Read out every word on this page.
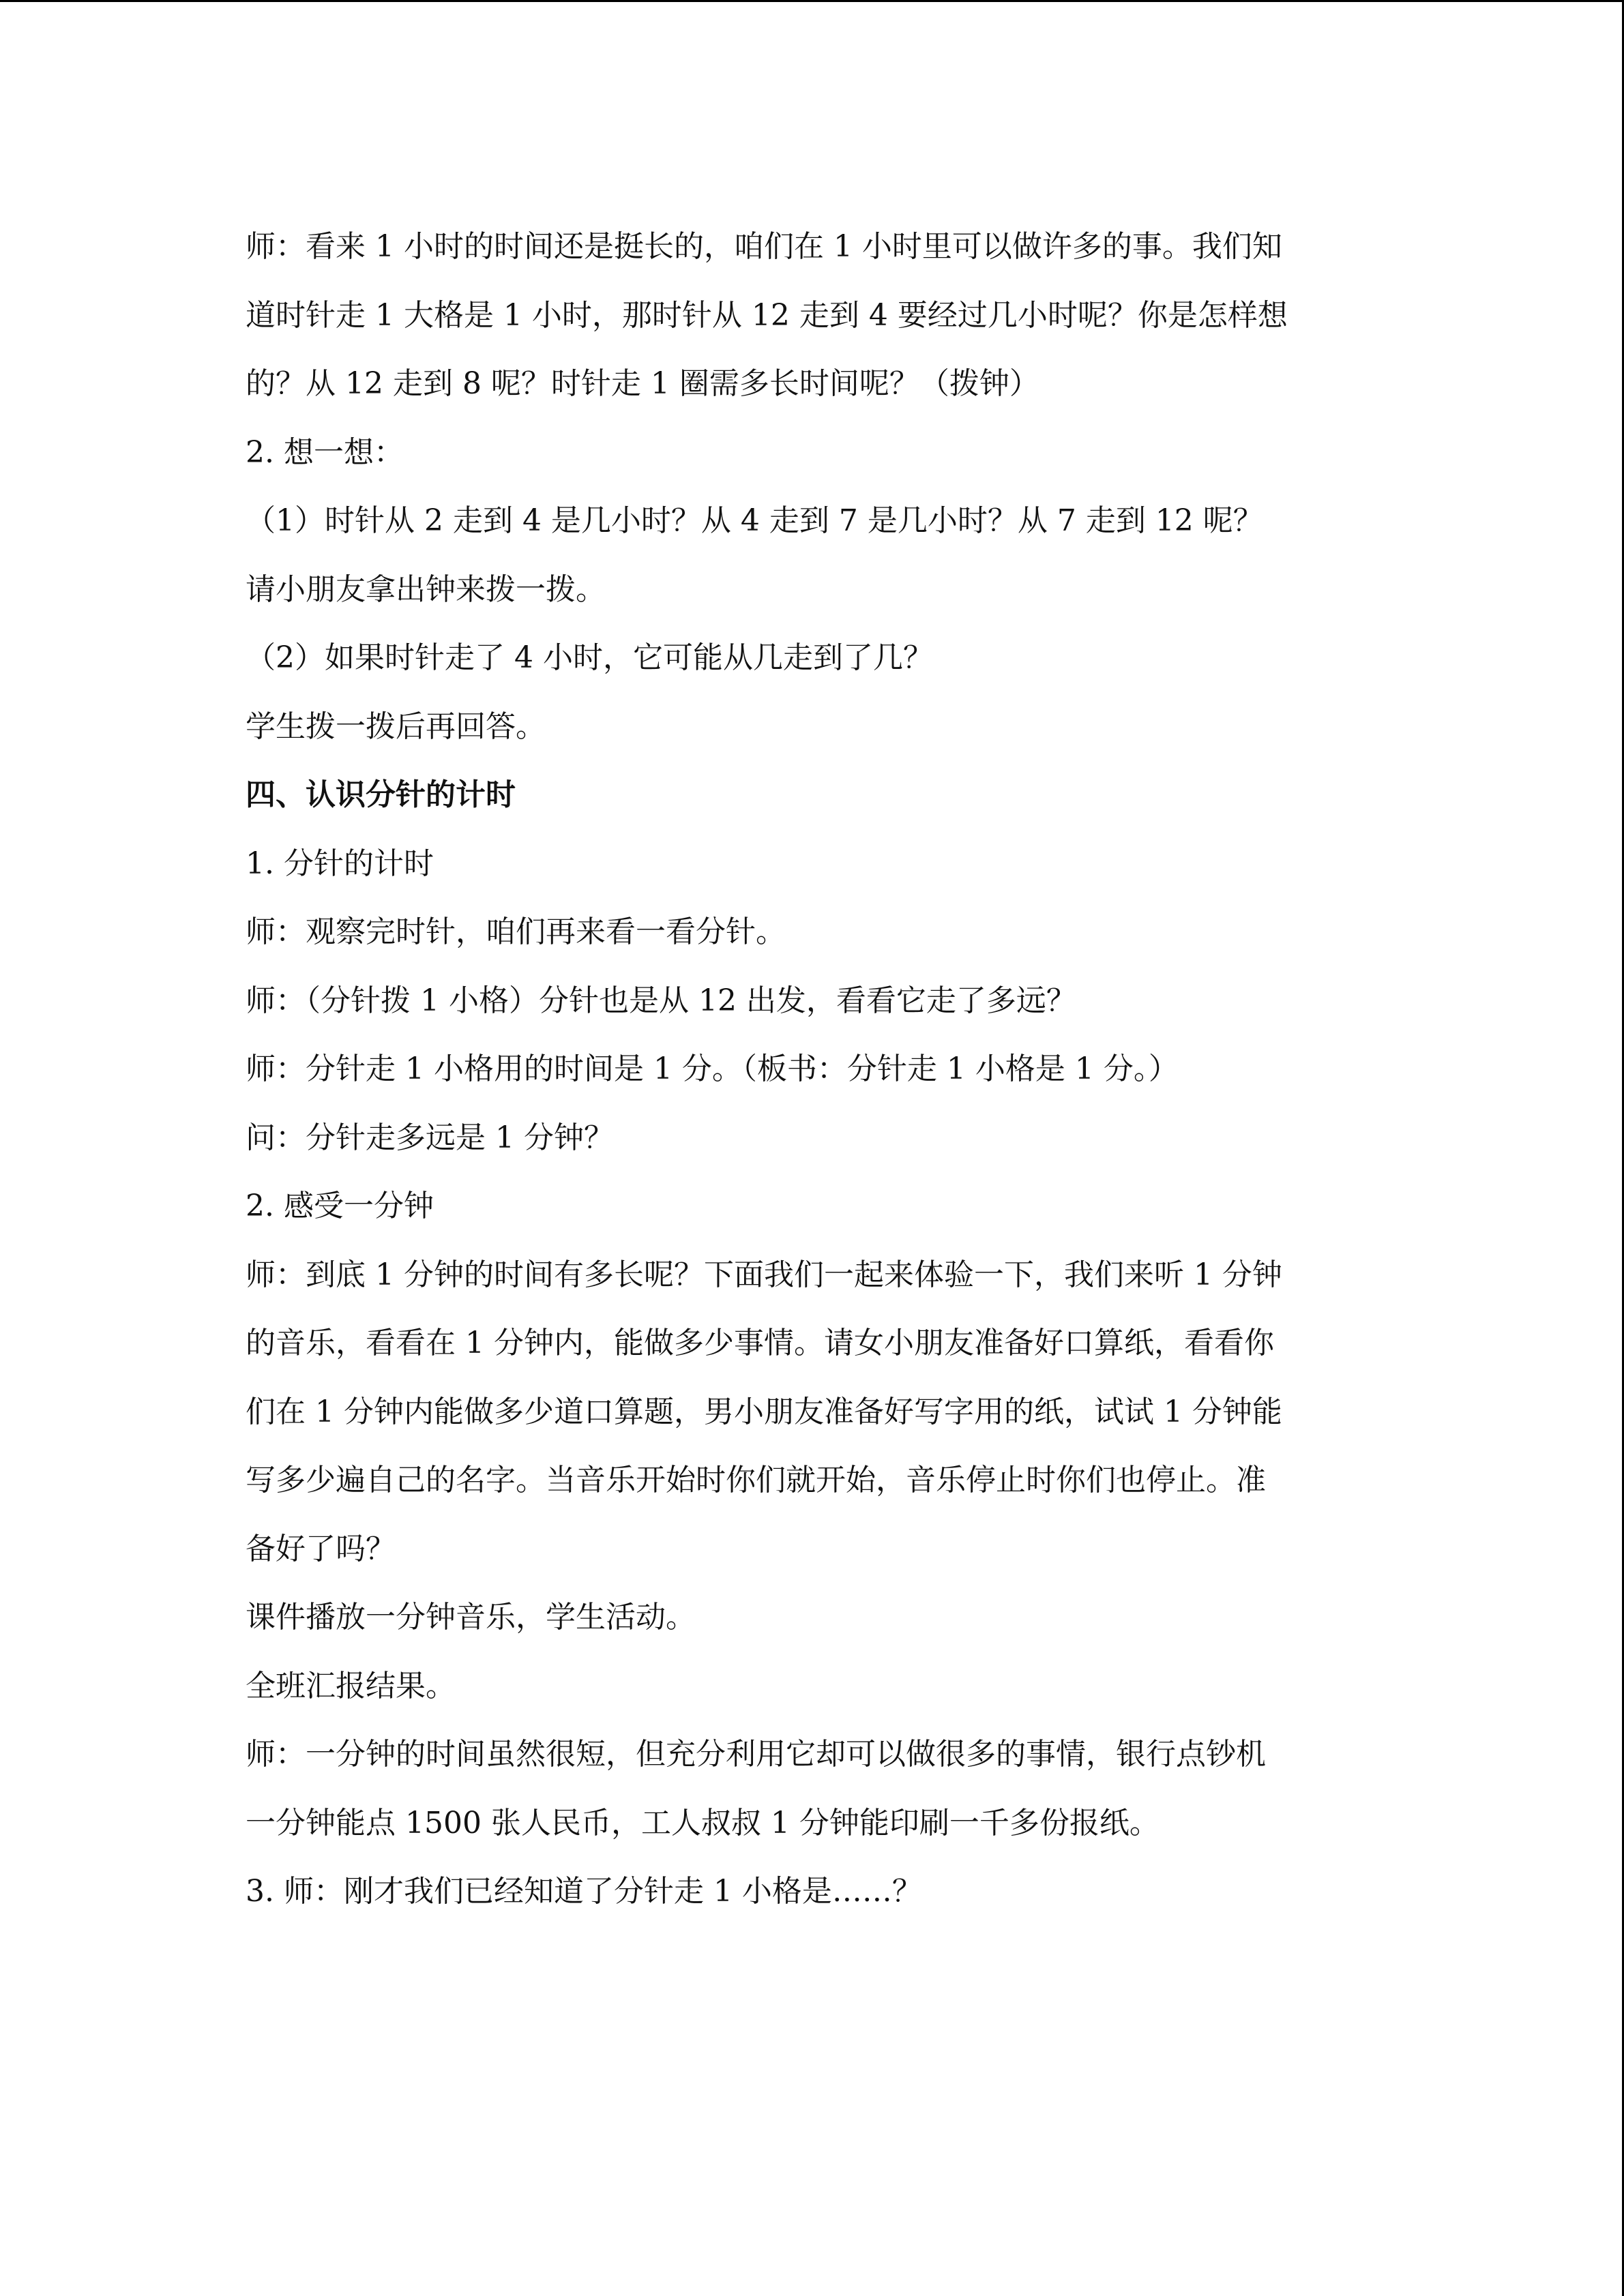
师：看来 1 小时的时间还是挺长的，咱们在 1 小时里可以做许多的事。我们知

道时针走 1 大格是 1 小时，那时针从 12 走到 4 要经过几小时呢？你是怎样想

的？从 12 走到 8 呢？时针走 1 圈需多长时间呢？（拨钟）

2. 想一想：

（1）时针从 2 走到 4 是几小时？从 4 走到 7 是几小时？从 7 走到 12 呢？

请小朋友拿出钟来拨一拨。

（2）如果时针走了 4 小时，它可能从几走到了几？

学生拨一拨后再回答。

四、认识分针的计时

1. 分针的计时

师：观察完时针，咱们再来看一看分针。

师：（分针拨 1 小格）分针也是从 12 出发，看看它走了多远？

师：分针走 1 小格用的时间是 1 分。（板书：分针走 1 小格是 1 分。）

问：分针走多远是 1 分钟？

2. 感受一分钟

师：到底 1 分钟的时间有多长呢？下面我们一起来体验一下，我们来听 1 分钟

的音乐，看看在 1 分钟内，能做多少事情。请女小朋友准备好口算纸，看看你

们在 1 分钟内能做多少道口算题，男小朋友准备好写字用的纸，试试 1 分钟能

写多少遍自己的名字。当音乐开始时你们就开始，音乐停止时你们也停止。准

备好了吗？

课件播放一分钟音乐，学生活动。

全班汇报结果。

师：一分钟的时间虽然很短，但充分利用它却可以做很多的事情，银行点钞机

一分钟能点 1500 张人民币，工人叔叔 1 分钟能印刷一千多份报纸。

3. 师：刚才我们已经知道了分针走 1 小格是……？
